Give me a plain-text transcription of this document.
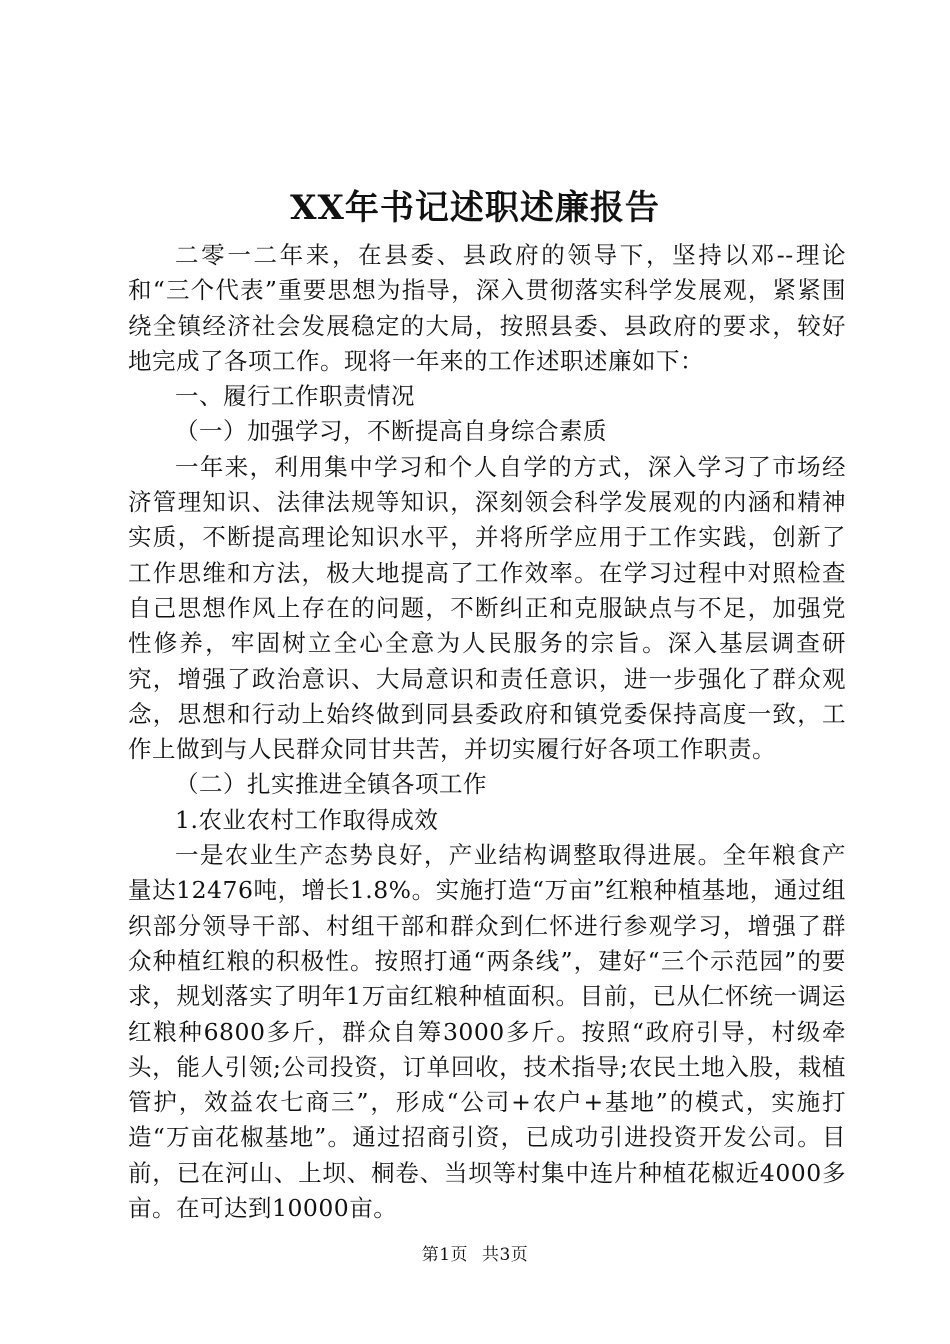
XX年书记述职述廉报告

二零一二年来，在县委、县政府的领导下，坚持以邓--理论和“三个代表”重要思想为指导，深入贯彻落实科学发展观，紧紧围绕全镇经济社会发展稳定的大局，按照县委、县政府的要求，较好地完成了各项工作。现将一年来的工作述职述廉如下：

一、履行工作职责情况

（一）加强学习，不断提高自身综合素质

一年来，利用集中学习和个人自学的方式，深入学习了市场经济管理知识、法律法规等知识，深刻领会科学发展观的内涵和精神实质，不断提高理论知识水平，并将所学应用于工作实践，创新了工作思维和方法，极大地提高了工作效率。在学习过程中对照检查自己思想作风上存在的问题，不断纠正和克服缺点与不足，加强党性修养，牢固树立全心全意为人民服务的宗旨。深入基层调查研究，增强了政治意识、大局意识和责任意识，进一步强化了群众观念，思想和行动上始终做到同县委政府和镇党委保持高度一致，工作上做到与人民群众同甘共苦，并切实履行好各项工作职责。

（二）扎实推进全镇各项工作

1.农业农村工作取得成效

一是农业生产态势良好，产业结构调整取得进展。全年粮食产量达12476吨，增长1.8%。实施打造“万亩”红粮种植基地，通过组织部分领导干部、村组干部和群众到仁怀进行参观学习，增强了群众种植红粮的积极性。按照打通“两条线”，建好“三个示范园”的要求，规划落实了明年1万亩红粮种植面积。目前，已从仁怀统一调运红粮种6800多斤，群众自筹3000多斤。按照“政府引导，村级牵头，能人引领;公司投资，订单回收，技术指导;农民土地入股，栽植管护，效益农七商三”，形成“公司+农户+基地”的模式，实施打造“万亩花椒基地”。通过招商引资，已成功引进投资开发公司。目前，已在河山、上坝、桐卷、当坝等村集中连片种植花椒近4000多亩。在可达到10000亩。

第1页 共3页
